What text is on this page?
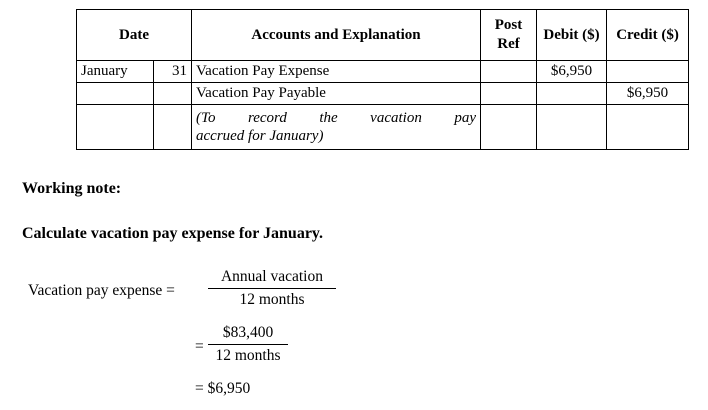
Date		Accounts and Explanation	Post Ref	Debit ($)	Credit ($)
January	31	Vacation Pay Expense		$6,950	
		Vacation Pay Payable			$6,950

		(To record the vacation pay
accrued for January)			
Working note:
Calculate vacation pay expense for January.
Vacation pay expense =
Annual vacation
12 months
=
$83,400
12 months
= $6,950
